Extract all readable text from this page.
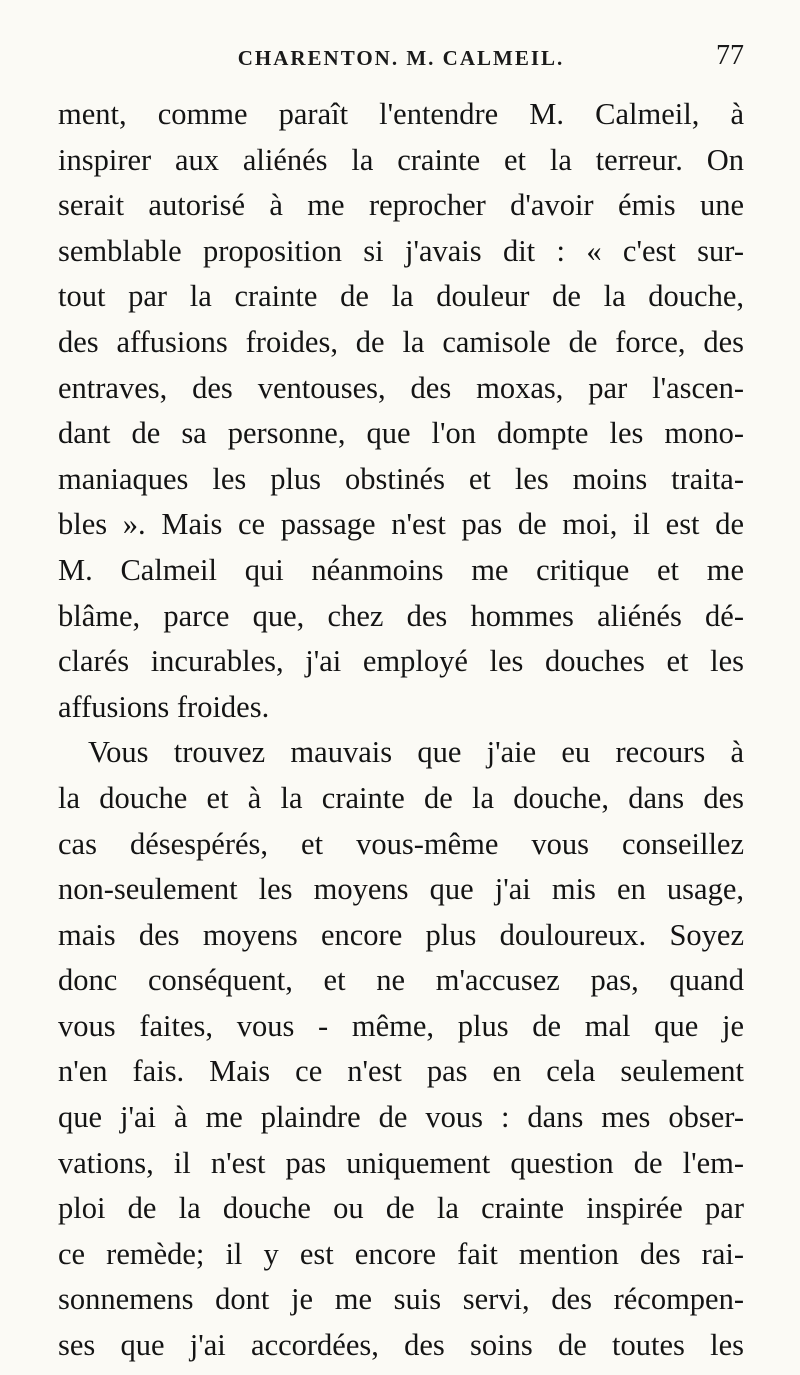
CHARENTON. M. CALMEIL.	77
ment, comme paraît l'entendre M. Calmeil, à
inspirer aux aliénés la crainte et la terreur. On
serait autorisé à me reprocher d'avoir émis une
semblable proposition si j'avais dit : « c'est sur-
tout par la crainte de la douleur de la douche,
des affusions froides, de la camisole de force, des
entraves, des ventouses, des moxas, par l'ascen-
dant de sa personne, que l'on dompte les mono-
maniaques les plus obstinés et les moins traita-
bles ». Mais ce passage n'est pas de moi, il est de
M. Calmeil qui néanmoins me critique et me
blâme, parce que, chez des hommes aliénés dé-
clarés incurables, j'ai employé les douches et les
affusions froides.
Vous trouvez mauvais que j'aie eu recours à
la douche et à la crainte de la douche, dans des
cas désespérés, et vous-même vous conseillez
non-seulement les moyens que j'ai mis en usage,
mais des moyens encore plus douloureux. Soyez
donc conséquent, et ne m'accusez pas, quand
vous faites, vous - même, plus de mal que je
n'en fais. Mais ce n'est pas en cela seulement
que j'ai à me plaindre de vous : dans mes obser-
vations, il n'est pas uniquement question de l'em-
ploi de la douche ou de la crainte inspirée par
ce remède; il y est encore fait mention des rai-
sonnemens dont je me suis servi, des récompen-
ses que j'ai accordées, des soins de toutes les
